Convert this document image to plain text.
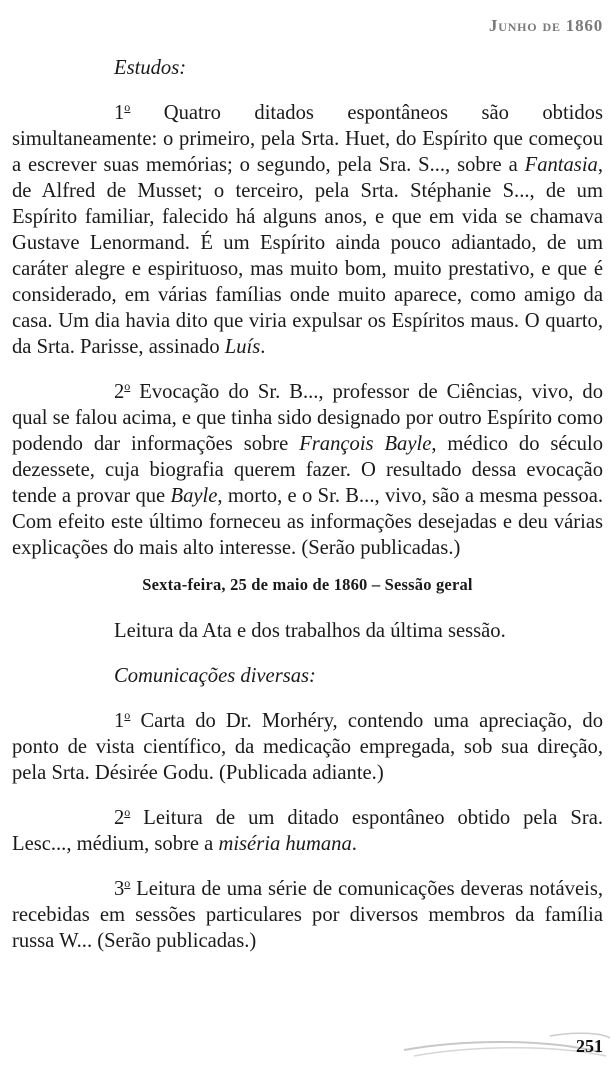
Junho de 1860
Estudos:

1$^o$ Quatro ditados espontâneos são obtidos simultaneamente: o primeiro, pela Srta. Huet, do Espírito que começou a escrever suas memórias; o segundo, pela Sra. S..., sobre a Fantasia, de Alfred de Musset; o terceiro, pela Srta. Stéphanie S..., de um Espírito familiar, falecido há alguns anos, e que em vida se chamava Gustave Lenormand. É um Espírito ainda pouco adiantado, de um caráter alegre e espirituoso, mas muito bom, muito prestativo, e que é considerado, em várias famílias onde muito aparece, como amigo da casa. Um dia havia dito que viria expulsar os Espíritos maus. O quarto, da Srta. Parisse, assinado Luís.

2$^o$ Evocação do Sr. B..., professor de Ciências, vivo, do qual se falou acima, e que tinha sido designado por outro Espírito como podendo dar informações sobre François Bayle, médico do século dezessete, cuja biografia querem fazer. O resultado dessa evocação tende a provar que Bayle, morto, e o Sr. B..., vivo, são a mesma pessoa. Com efeito este último forneceu as informações desejadas e deu várias explicações do mais alto interesse. (Serão publicadas.)

Sexta-feira, 25 de maio de 1860 – Sessão geral

Leitura da Ata e dos trabalhos da última sessão.

Comunicações diversas:

1$^o$ Carta do Dr. Morhéry, contendo uma apreciação, do ponto de vista científico, da medicação empregada, sob sua direção, pela Srta. Désirée Godu. (Publicada adiante.)

2$^o$ Leitura de um ditado espontâneo obtido pela Sra. Lesc..., médium, sobre a miséria humana.

3$^o$ Leitura de uma série de comunicações deveras notáveis, recebidas em sessões particulares por diversos membros da família russa W... (Serão publicadas.)

251
